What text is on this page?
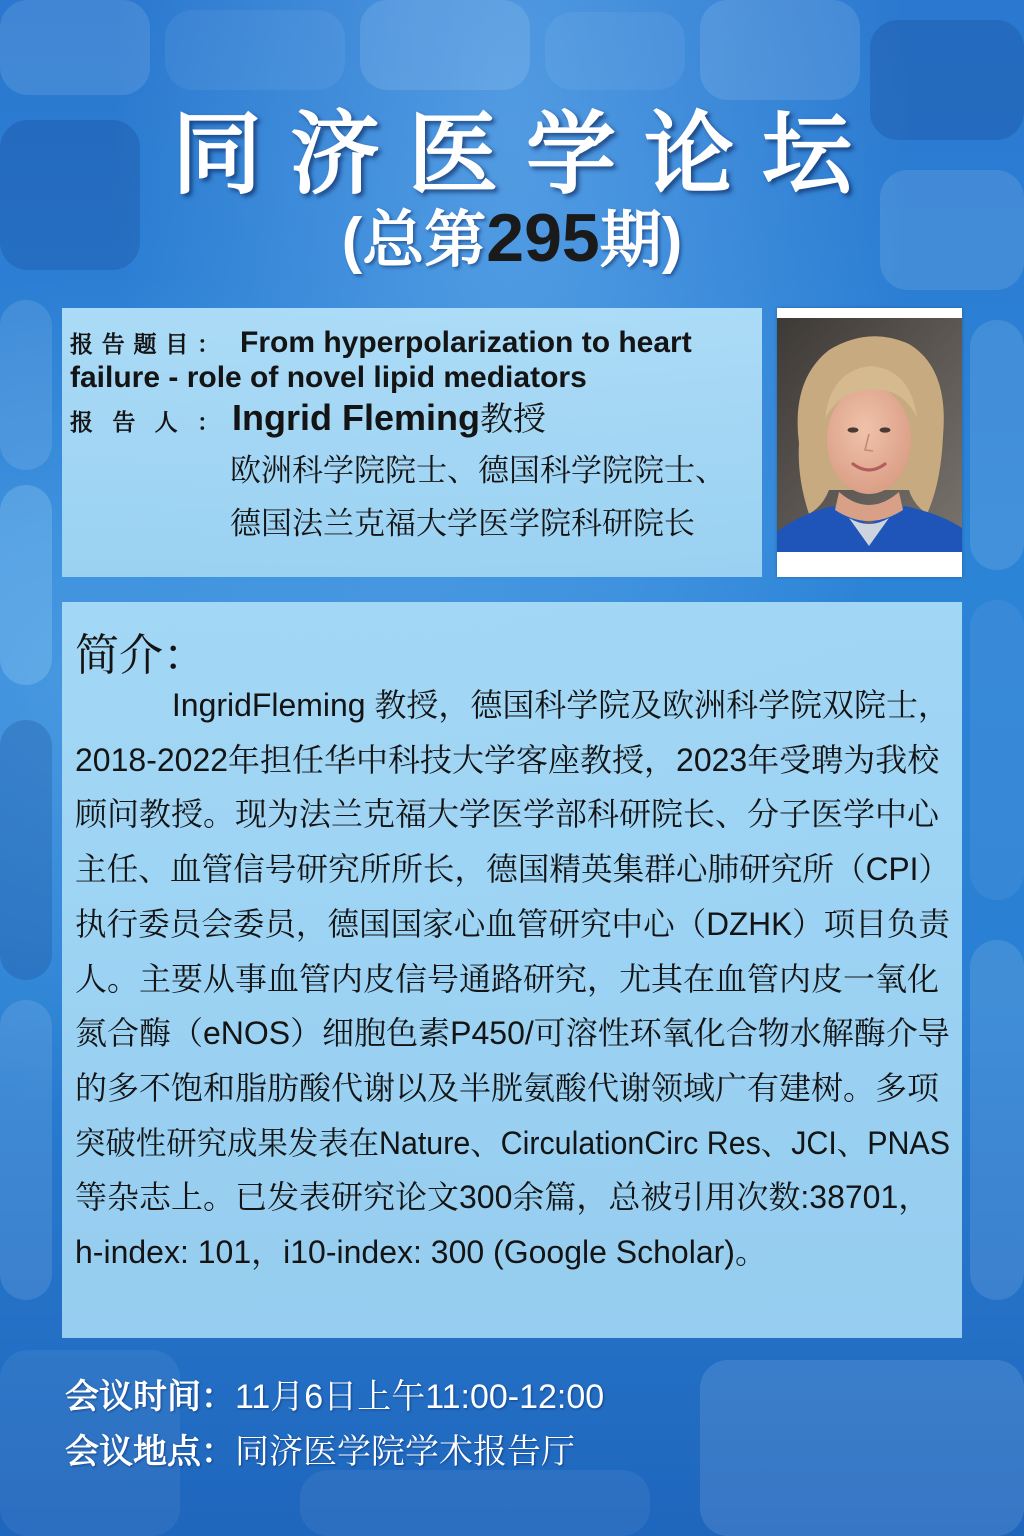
同济医学论坛
(总第295期)

报告题目： From hyperpolarization to heart failure - role of novel lipid mediators

报告人： Ingrid Fleming教授
欧洲科学院院士、德国科学院院士、
德国法兰克福大学医学院科研院长
简介：
IngridFleming 教授，德国科学院及欧洲科学院双院士，
2018-2022年担任华中科技大学客座教授，2023年受聘为我校
顾问教授。现为法兰克福大学医学部科研院长、分子医学中心
主任、血管信号研究所所长，德国精英集群心肺研究所（CPI）
执行委员会委员，德国国家心血管研究中心（DZHK）项目负责
人。主要从事血管内皮信号通路研究，尤其在血管内皮一氧化
氮合酶（eNOS）细胞色素P450/可溶性环氧化合物水解酶介导
的多不饱和脂肪酸代谢以及半胱氨酸代谢领域广有建树。多项
突破性研究成果发表在Nature、CirculationCirc Res、JCI、PNAS
等杂志上。已发表研究论文300余篇，总被引用次数:38701，
h-index: 101，i10-index: 300 (Google Scholar)。
会议时间：11月6日上午11:00-12:00
会议地点：同济医学院学术报告厅
